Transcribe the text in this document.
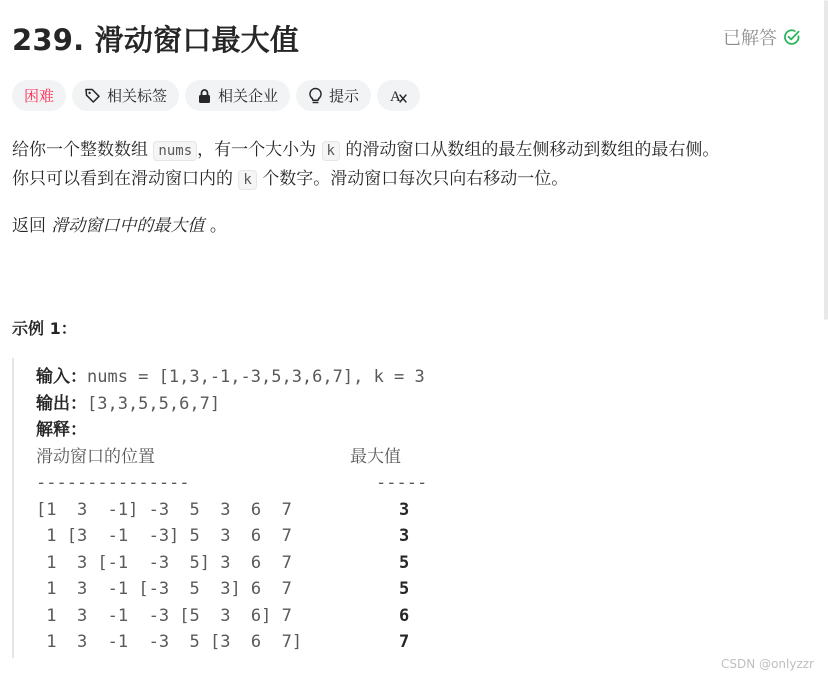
239. 滑动窗口最大值	已解答
困难	相关标签	相关企业	提示 A

给你一个整数数组 nums ，有一个大小为 k 的滑动窗口从数组的最左侧移动到数组的最右侧。

你只可以看到在滑动窗口内的 k 个数字。滑动窗口每次只向右移动一位。

返回 滑动窗口中的最大值 。
示例 1：
输入：nums = [1,3,-1,-3,5,3,6,7], k = 3
输出：[3,3,5,5,6,7]
解释：
滑动窗口的位置	最大值
---------------	-----
[1  3  -1] -3  5  3  6  7	3
1 [3  -1  -3] 5  3  6  7	3
1  3 [-1  -3  5] 3  6  7	5
1  3  -1 [-3  5  3] 6  7	5
1  3  -1  -3 [5  3  6] 7	6
1  3  -1  -3  5 [3  6  7]	7
CSDN @onlyzzr
